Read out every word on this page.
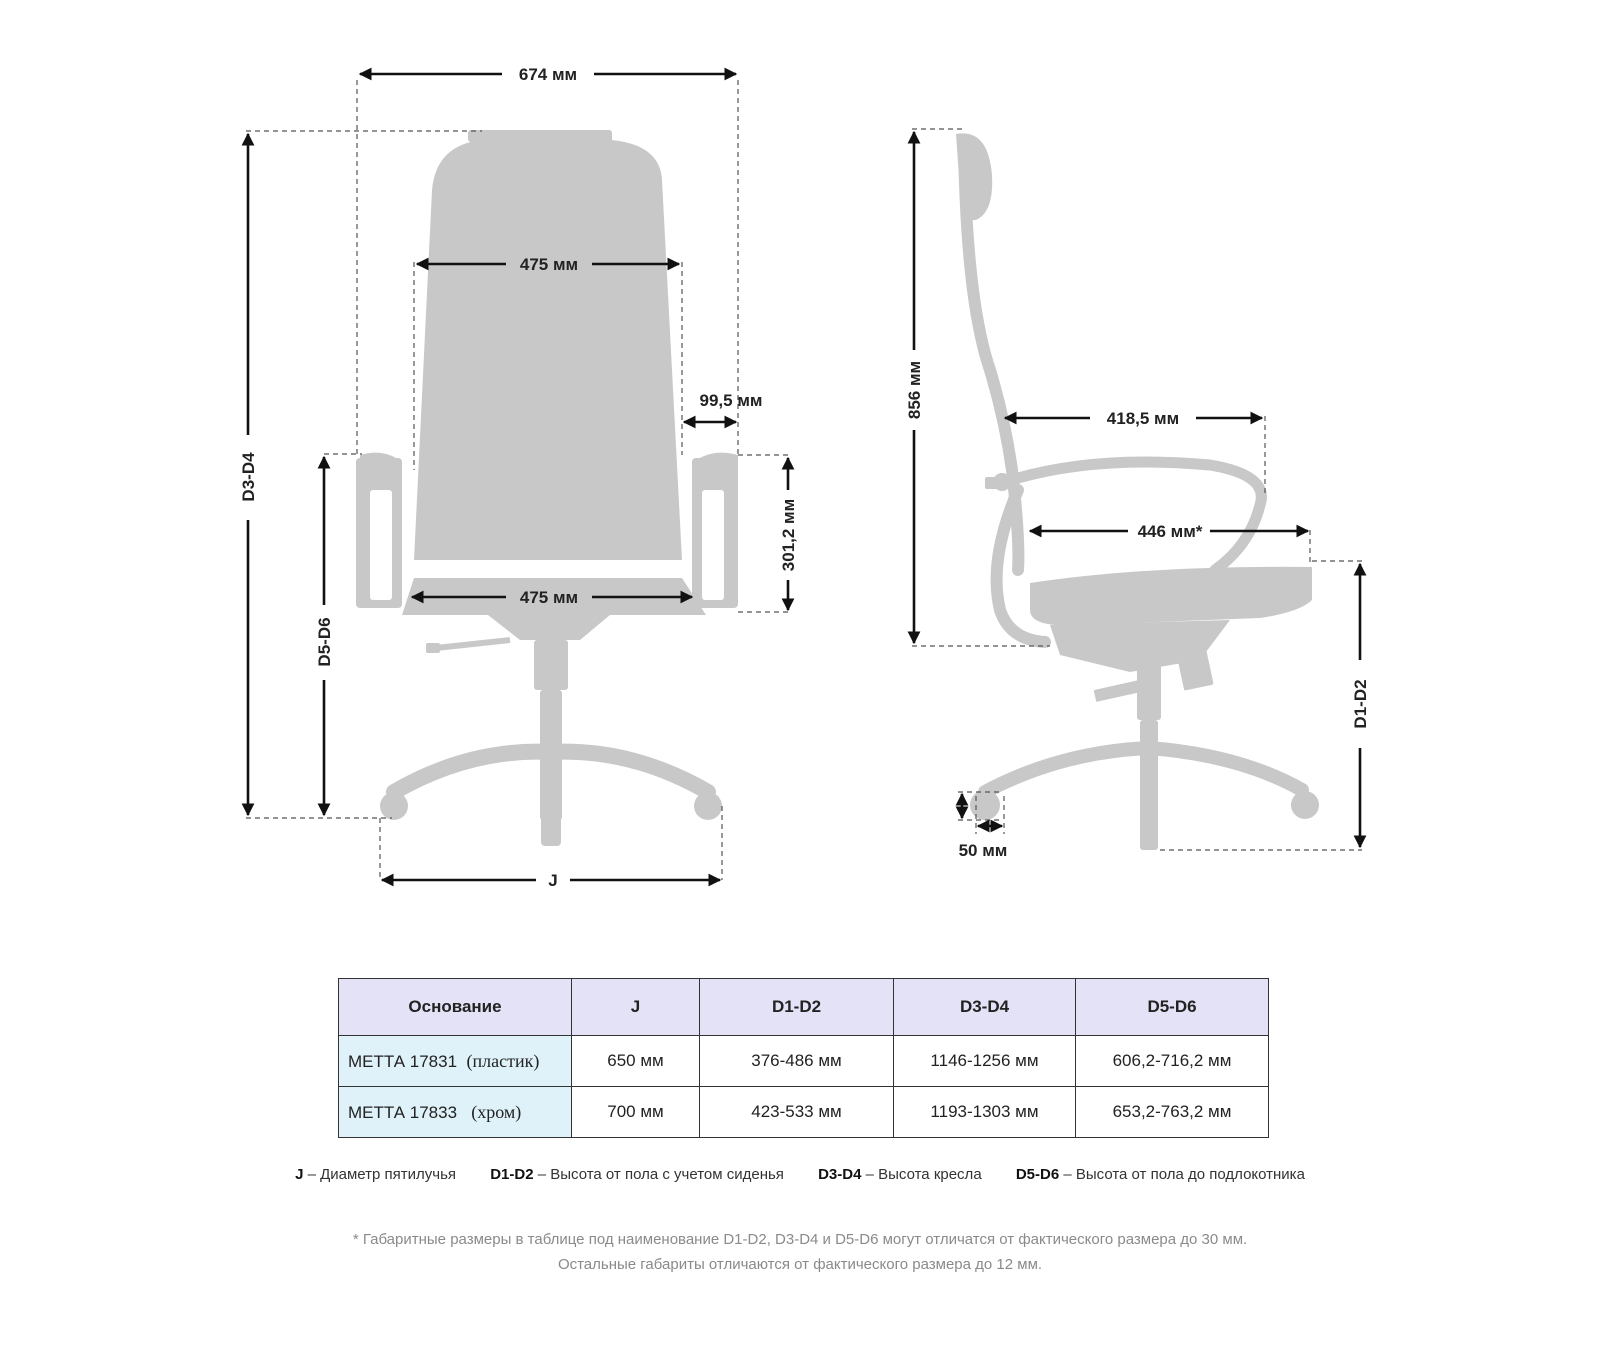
674 мм
475 мм
99,5 мм
301,2 мм
475 мм
D3-D4
D5-D6
J
856 мм	418,5 мм
446 мм*
D1-D2
50 мм
Основание	J	D1-D2	D3-D4	D5-D6
МЕТТА 17831 (пластик)	650 мм	376-486 мм	1146-1256 мм	606,2-716,2 мм
МЕТТА 17833 (хром)	700 мм	423-533 мм	1193-1303 мм	653,2-763,2 мм
J – Диаметр пятилучья D1-D2 – Высота от пола с учетом сиденья D3-D4 – Высота кресла D5-D6 – Высота от пола до подлокотника
* Габаритные размеры в таблице под наименование D1-D2, D3-D4 и D5-D6 могут отличатся от фактического размера до 30 мм.
Остальные габариты отличаются от фактического размера до 12 мм.
